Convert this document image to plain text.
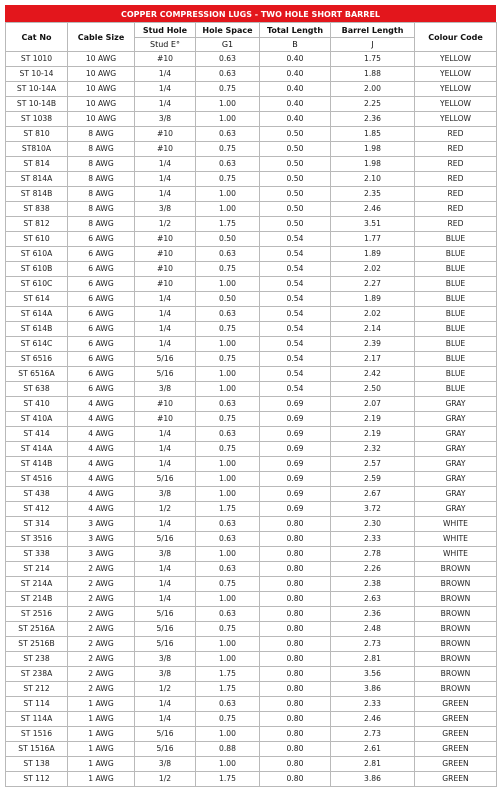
COPPER COMPRESSION LUGS - TWO HOLE SHORT BARREL
Cat No	Cable Size	Stud Hole	Hole Space	Total Length	Barrel Length	Colour Code
		Stud E°	G1	B	J	
ST 1010	10 AWG	#10	0.63	0.40	1.75	YELLOW
ST 10-14	10 AWG	1/4	0.63	0.40	1.88	YELLOW
ST 10-14A	10 AWG	1/4	0.75	0.40	2.00	YELLOW
ST 10-14B	10 AWG	1/4	1.00	0.40	2.25	YELLOW
ST 1038	10 AWG	3/8	1.00	0.40	2.36	YELLOW
ST 810	8 AWG	#10	0.63	0.50	1.85	RED
ST810A	8 AWG	#10	0.75	0.50	1.98	RED
ST 814	8 AWG	1/4	0.63	0.50	1.98	RED
ST 814A	8 AWG	1/4	0.75	0.50	2.10	RED
ST 814B	8 AWG	1/4	1.00	0.50	2.35	RED
ST 838	8 AWG	3/8	1.00	0.50	2.46	RED
ST 812	8 AWG	1/2	1.75	0.50	3.51	RED
ST 610	6 AWG	#10	0.50	0.54	1.77	BLUE
ST 610A	6 AWG	#10	0.63	0.54	1.89	BLUE
ST 610B	6 AWG	#10	0.75	0.54	2.02	BLUE
ST 610C	6 AWG	#10	1.00	0.54	2.27	BLUE
ST 614	6 AWG	1/4	0.50	0.54	1.89	BLUE
ST 614A	6 AWG	1/4	0.63	0.54	2.02	BLUE
ST 614B	6 AWG	1/4	0.75	0.54	2.14	BLUE
ST 614C	6 AWG	1/4	1.00	0.54	2.39	BLUE
ST 6516	6 AWG	5/16	0.75	0.54	2.17	BLUE
ST 6516A	6 AWG	5/16	1.00	0.54	2.42	BLUE
ST 638	6 AWG	3/8	1.00	0.54	2.50	BLUE
ST 410	4 AWG	#10	0.63	0.69	2.07	GRAY
ST 410A	4 AWG	#10	0.75	0.69	2.19	GRAY
ST 414	4 AWG	1/4	0.63	0.69	2.19	GRAY
ST 414A	4 AWG	1/4	0.75	0.69	2.32	GRAY
ST 414B	4 AWG	1/4	1.00	0.69	2.57	GRAY
ST 4516	4 AWG	5/16	1.00	0.69	2.59	GRAY
ST 438	4 AWG	3/8	1.00	0.69	2.67	GRAY
ST 412	4 AWG	1/2	1.75	0.69	3.72	GRAY
ST 314	3 AWG	1/4	0.63	0.80	2.30	WHITE
ST 3516	3 AWG	5/16	0.63	0.80	2.33	WHITE
ST 338	3 AWG	3/8	1.00	0.80	2.78	WHITE
ST 214	2 AWG	1/4	0.63	0.80	2.26	BROWN
ST 214A	2 AWG	1/4	0.75	0.80	2.38	BROWN
ST 214B	2 AWG	1/4	1.00	0.80	2.63	BROWN
ST 2516	2 AWG	5/16	0.63	0.80	2.36	BROWN
ST 2516A	2 AWG	5/16	0.75	0.80	2.48	BROWN
ST 2516B	2 AWG	5/16	1.00	0.80	2.73	BROWN
ST 238	2 AWG	3/8	1.00	0.80	2.81	BROWN
ST 238A	2 AWG	3/8	1.75	0.80	3.56	BROWN
ST 212	2 AWG	1/2	1.75	0.80	3.86	BROWN
ST 114	1 AWG	1/4	0.63	0.80	2.33	GREEN
ST 114A	1 AWG	1/4	0.75	0.80	2.46	GREEN
ST 1516	1 AWG	5/16	1.00	0.80	2.73	GREEN
ST 1516A	1 AWG	5/16	0.88	0.80	2.61	GREEN
ST 138	1 AWG	3/8	1.00	0.80	2.81	GREEN
ST 112	1 AWG	1/2	1.75	0.80	3.86	GREEN
